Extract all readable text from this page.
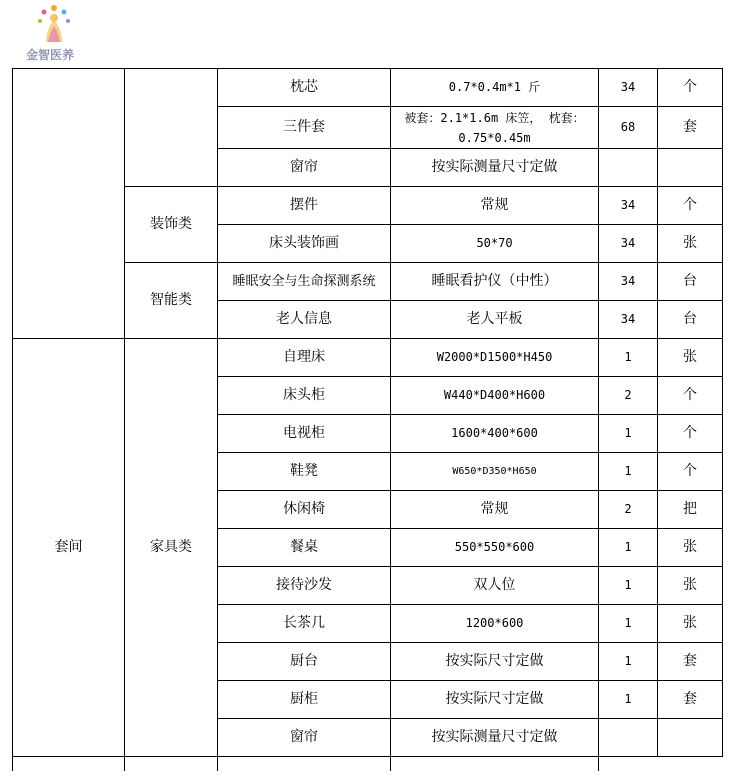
金智医养
		枕芯	0.7*0.4m*1 斤	34	个
		三件套	被套：2.1*1.6m 床笠， 枕套：0.75*0.45m	68	套
		窗帘	按实际测量尺寸定做		
	装饰类	摆件	常规	34	个
		床头装饰画	50*70	34	张
	智能类	睡眠安全与生命探测系统	睡眠看护仪（中性）	34	台
		老人信息	老人平板	34	台
套间	家具类	自理床	W2000*D1500*H450	1	张
		床头柜	W440*D400*H600	2	个
		电视柜	1600*400*600	1	个
		鞋凳	W650*D350*H650	1	个
		休闲椅	常规	2	把
		餐桌	550*550*600	1	张
		接待沙发	双人位	1	张
		长茶几	1200*600	1	张
		厨台	按实际尺寸定做	1	套
		厨柜	按实际尺寸定做	1	套
		窗帘	按实际测量尺寸定做		
